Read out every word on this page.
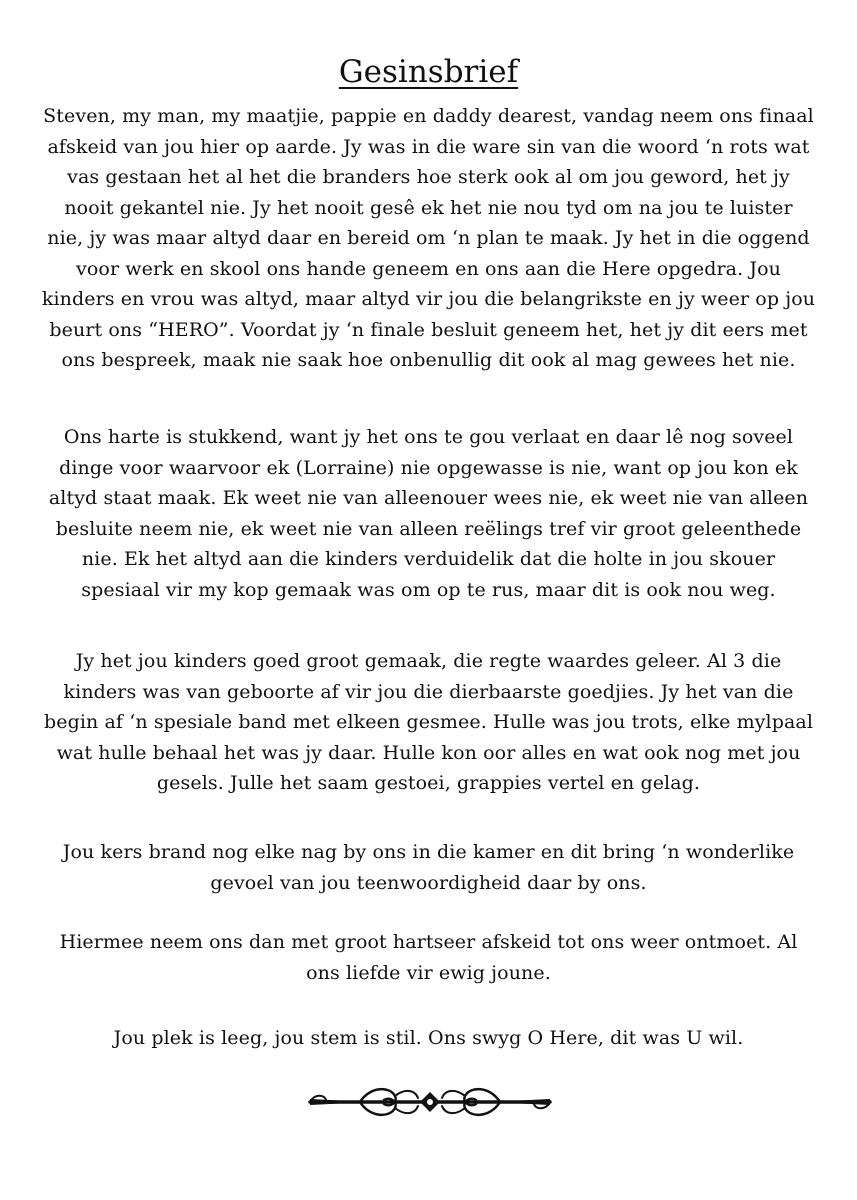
Gesinsbrief

Steven, my man, my maatjie, pappie en daddy dearest, vandag neem ons finaal
afskeid van jou hier op aarde. Jy was in die ware sin van die woord ‘n rots wat
vas gestaan het al het die branders hoe sterk ook al om jou geword, het jy
nooit gekantel nie. Jy het nooit gesê ek het nie nou tyd om na jou te luister
nie, jy was maar altyd daar en bereid om ‘n plan te maak. Jy het in die oggend
voor werk en skool ons hande geneem en ons aan die Here opgedra. Jou
kinders en vrou was altyd, maar altyd vir jou die belangrikste en jy weer op jou
beurt ons “HERO”. Voordat jy ‘n finale besluit geneem het, het jy dit eers met
ons bespreek, maak nie saak hoe onbenullig dit ook al mag gewees het nie.

Ons harte is stukkend, want jy het ons te gou verlaat en daar lê nog soveel
dinge voor waarvoor ek (Lorraine) nie opgewasse is nie, want op jou kon ek
altyd staat maak. Ek weet nie van alleenouer wees nie, ek weet nie van alleen
besluite neem nie, ek weet nie van alleen reëlings tref vir groot geleenthede
nie. Ek het altyd aan die kinders verduidelik dat die holte in jou skouer
spesiaal vir my kop gemaak was om op te rus, maar dit is ook nou weg.

Jy het jou kinders goed groot gemaak, die regte waardes geleer. Al 3 die
kinders was van geboorte af vir jou die dierbaarste goedjies. Jy het van die
begin af ‘n spesiale band met elkeen gesmee. Hulle was jou trots, elke mylpaal
wat hulle behaal het was jy daar. Hulle kon oor alles en wat ook nog met jou
gesels. Julle het saam gestoei, grappies vertel en gelag.

Jou kers brand nog elke nag by ons in die kamer en dit bring ‘n wonderlike
gevoel van jou teenwoordigheid daar by ons.

Hiermee neem ons dan met groot hartseer afskeid tot ons weer ontmoet. Al
ons liefde vir ewig joune.

Jou plek is leeg, jou stem is stil. Ons swyg O Here, dit was U wil.
